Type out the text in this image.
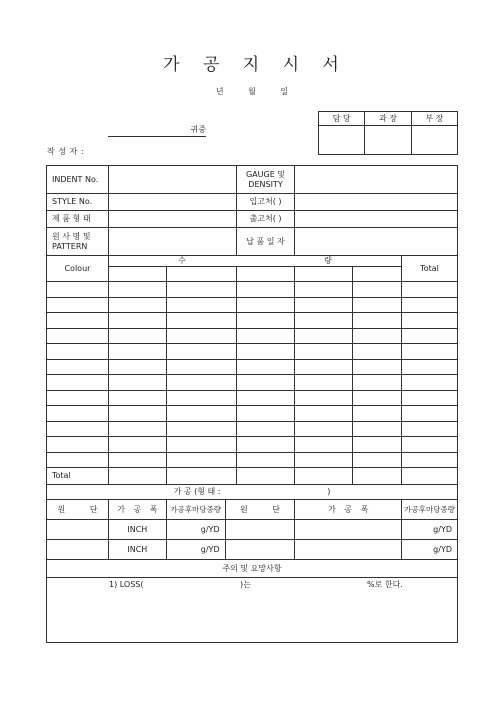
가 공 지 시 서
년 월 일
귀중
작 성 자 :
담 당	과 장	부 장

INDENT No.				GAUGE 및
DENSITY			

STYLE No.				입고처( )			
제 품 형 태				출고처( )			

원 사 명 및
PATTERN				납 품 일 자			
Colour	수 량						Total

Total							
가 공 (형 태 :                                          )							
원 단	가 공 폭	가공후마당중량	원 단		가 공 폭		가공후마당중량
	INCH	g/YD					g/YD
	INCH	g/YD					g/YD
주의 및 요망사항							

1) LOSS( )는 %로 한다.							
